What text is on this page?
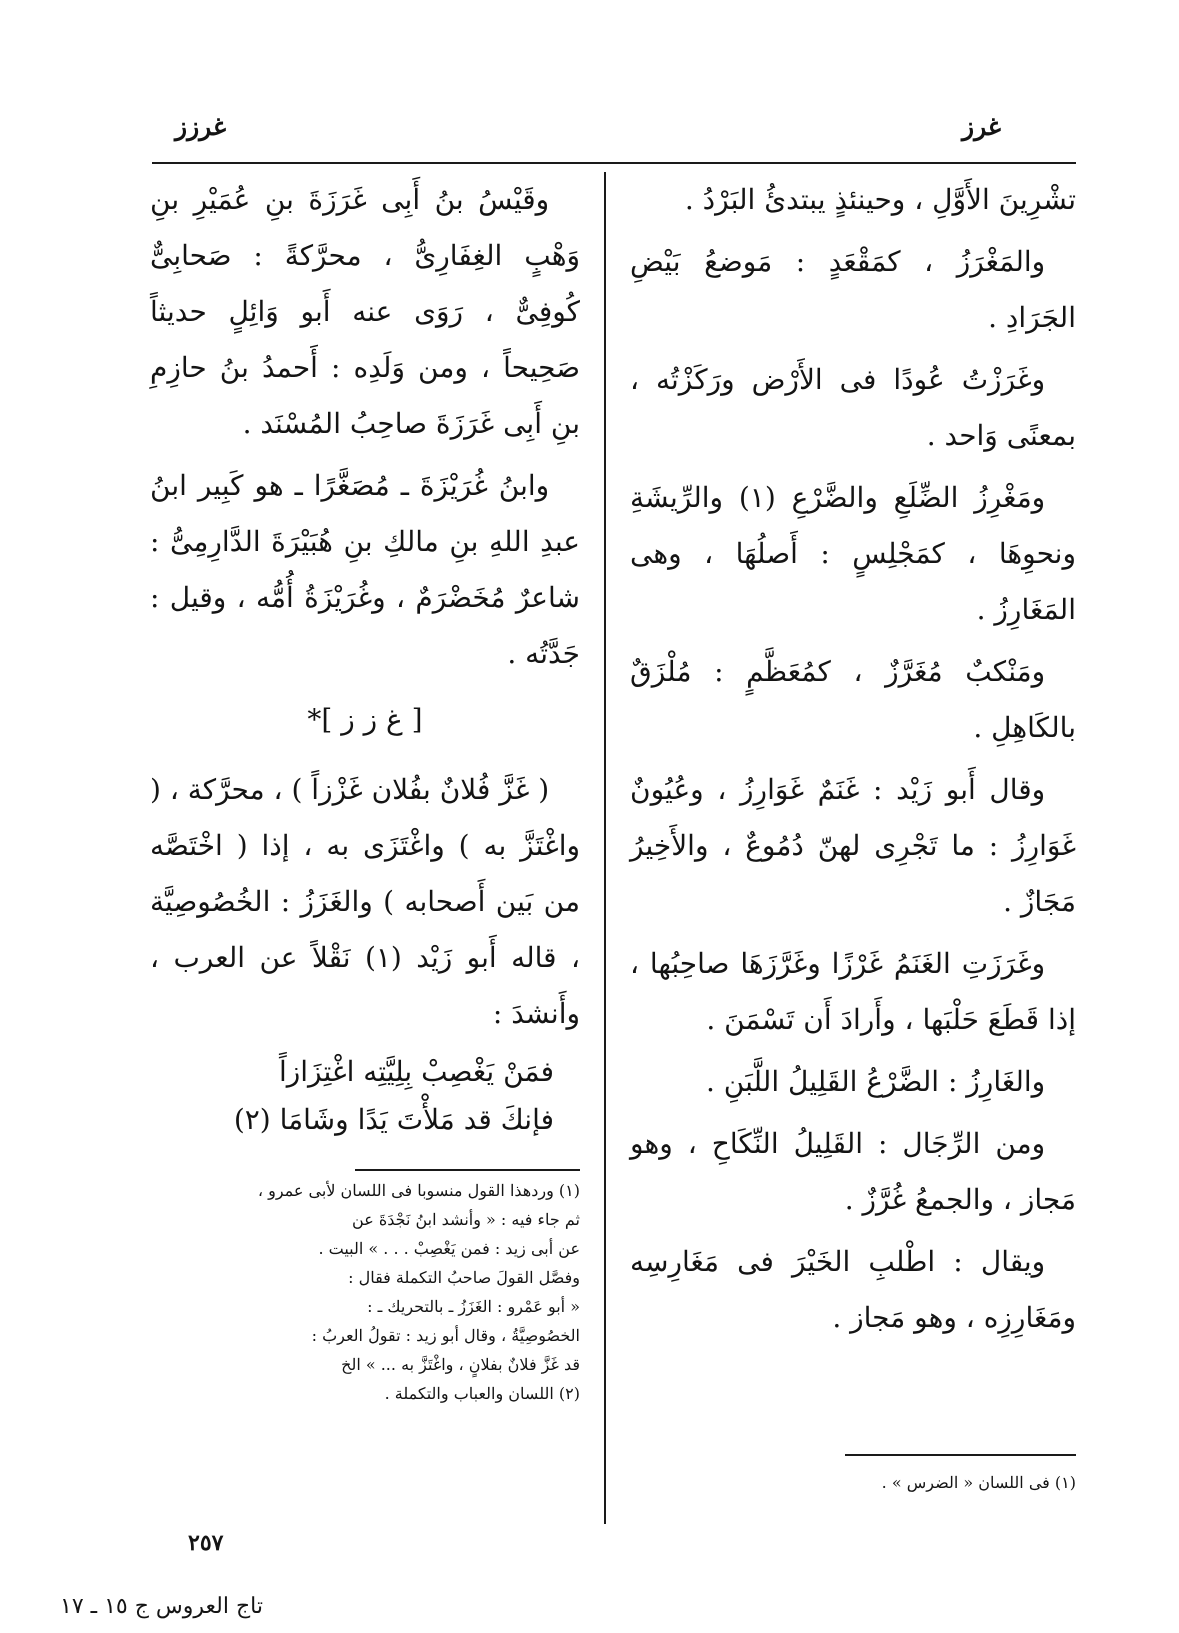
غرز
غرزز

تشْرِينَ الأَوَّلِ ، وحينئذٍ يبتدئُ البَرْدُ .

والمَغْرَزُ ، كمَقْعَدٍ : مَوضعُ بَيْضِ الجَرَادِ .

وغَرَزْتُ عُودًا فى الأَرْض ورَكَزْتُه ، بمعنًى وَاحد .

ومَغْرِزُ الضِّلَعِ والضَّرْعِ (١) والرِّيشَةِ ونحوِهَا ، كمَجْلِسٍ : أَصلُهَا ، وهى المَغَارِزُ .

ومَنْكبٌ مُغَرَّزٌ ، كمُعَظَّمٍ : مُلْزَقٌ بالكَاهِلِ .

وقال أَبو زَيْد : غَنَمٌ غَوَارِزُ ، وعُيُونٌ غَوَارِزُ : ما تَجْرِى لهنّ دُمُوعٌ ، والأَخِيرُ مَجَازٌ .

وغَرَزَتِ الغَنَمُ غَرْزًا وغَرَّزَهَا صاحِبُها ، إذا قَطَعَ حَلْبَها ، وأَرادَ أَن تَسْمَنَ .

والغَارِزُ : الضَّرْعُ القَلِيلُ اللَّبَنِ .

ومن الرِّجَال : القَلِيلُ النِّكَاحِ ، وهو مَجاز ، والجمعُ غُرَّزٌ .

ويقال : اطْلبِ الخَيْرَ فى مَغَارِسِه ومَغَارِزِه ، وهو مَجاز .

وقَيْسُ بنُ أَبِى غَرَزَةَ بنِ عُمَيْرِ بنِ وَهْبٍ الغِفَارِىُّ ، محرَّكةً : صَحابِىٌّ كُوفِىٌّ ، رَوَى عنه أَبو وَائِلٍ حديثاً صَحِيحاً ، ومن وَلَدِه : أَحمدُ بنُ حازِمِ بنِ أَبِى غَرَزَةَ صاحِبُ المُسْنَد .

وابنُ غُرَيْزَةَ ـ مُصَغَّرًا ـ هو كَبِير ابنُ عبدِ اللهِ بنِ مالكِ بنِ هُبَيْرَةَ الدَّارِمِىُّ : شاعرٌ مُخَضْرَمٌ ، وغُرَيْزَةُ أُمُّه ، وقيل : جَدَّتُه .

[ غ ز ز ]*

( غَزَّ فُلانٌ بفُلان غَزْزاً ) ، محرَّكة ، ( واغْتَزَّ به ) واغْتَزَى به ، إذا ( اخْتَصَّه من بَين أَصحابه ) والغَزَزُ : الخُصُوصِيَّة ، قاله أَبو زَيْد (١) نَقْلاً عن العرب ، وأَنشدَ :

فمَنْ يَغْصِبْ بِلِيَّتِه اغْتِزَازاً
فإنكَ قد مَلأْتَ يَدًا وشَامَا (٢)

(١) فى اللسان « الضرس » .

(١) وردهذا القول منسوبا فى اللسان لأبى عمرو ،

ثم جاء فيه : « وأنشد ابنُ نَجْدَةَ عن

عن أبى زيد : فمن يَغْصِبْ . . . » البيت .

وفصَّل القولَ صاحبُ التكملة فقال :

« أبو عَمْرو : الغَزَزُ ـ بالتحريك ـ :

الخصُوصِيَّةُ ، وقال أبو زيد : تقولُ العربُ :

قد غَزَّ فلانٌ بفلانٍ ، واغْتَزَّ به ... » الخ

(٢) اللسان والعباب والتكملة .

٢٥٧
تاج العروس ج ١٥ ـ ١٧
